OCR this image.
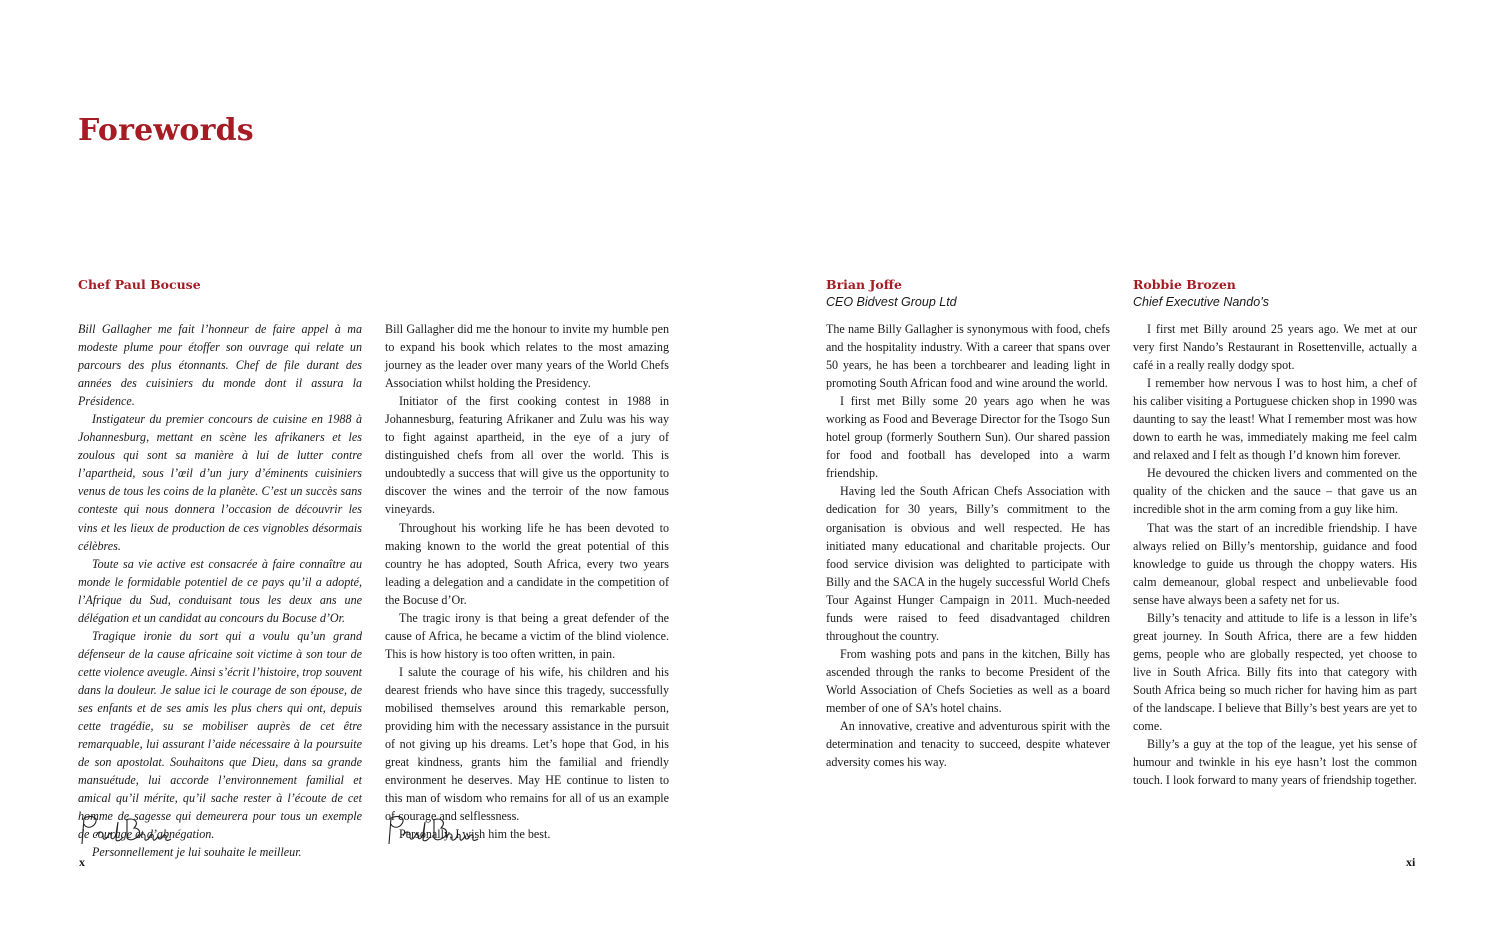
Forewords
Chef Paul Bocuse

Bill Gallagher me fait l’honneur de faire appel à ma modeste plume pour étoffer son ouvrage qui relate un parcours des plus étonnants. Chef de file durant des années des cuisiniers du monde dont il assura la Présidence.

Instigateur du premier concours de cuisine en 1988 à Johannesburg, mettant en scène les afrikaners et les zoulous qui sont sa manière à lui de lutter contre l’apartheid, sous l’œil d’un jury d’éminents cuisiniers venus de tous les coins de la planète. C’est un succès sans conteste qui nous donnera l’occasion de découvrir les vins et les lieux de production de ces vignobles désormais célèbres.

Toute sa vie active est consacrée à faire connaître au monde le formidable potentiel de ce pays qu’il a adopté, l’Afrique du Sud, conduisant tous les deux ans une délégation et un candidat au concours du Bocuse d’Or.

Tragique ironie du sort qui a voulu qu’un grand défenseur de la cause africaine soit victime à son tour de cette violence aveugle. Ainsi s’écrit l’histoire, trop souvent dans la douleur. Je salue ici le courage de son épouse, de ses enfants et de ses amis les plus chers qui ont, depuis cette tragédie, su se mobiliser auprès de cet être remarquable, lui assurant l’aide nécessaire à la poursuite de son apostolat. Souhaitons que Dieu, dans sa grande mansuétude, lui accorde l’environnement familial et amical qu’il mérite, qu’il sache rester à l’écoute de cet homme de sagesse qui demeurera pour tous un exemple de courage et d’abnégation.

Personnellement je lui souhaite le meilleur.

Bill Gallagher did me the honour to invite my humble pen to expand his book which relates to the most amazing journey as the leader over many years of the World Chefs Association whilst holding the Presidency.

Initiator of the first cooking contest in 1988 in Johannesburg, featuring Afrikaner and Zulu was his way to fight against apartheid, in the eye of a jury of distinguished chefs from all over the world. This is undoubtedly a success that will give us the opportunity to discover the wines and the terroir of the now famous vineyards.

Throughout his working life he has been devoted to making known to the world the great potential of this country he has adopted, South Africa, every two years leading a delegation and a candidate in the competition of the Bocuse d’Or.

The tragic irony is that being a great defender of the cause of Africa, he became a victim of the blind violence. This is how history is too often written, in pain.

I salute the courage of his wife, his children and his dearest friends who have since this tragedy, successfully mobilised themselves around this remarkable person, providing him with the necessary assistance in the pursuit of not giving up his dreams. Let’s hope that God, in his great kindness, grants him the familial and friendly environment he deserves. May HE continue to listen to this man of wisdom who remains for all of us an example of courage and selflessness.

Personally, I wish him the best.

Brian Joffe

CEO Bidvest Group Ltd

The name Billy Gallagher is synonymous with food, chefs and the hospitality industry. With a career that spans over 50 years, he has been a torchbearer and leading light in promoting South African food and wine around the world.

I first met Billy some 20 years ago when he was working as Food and Beverage Director for the Tsogo Sun hotel group (formerly Southern Sun). Our shared passion for food and football has developed into a warm friendship.

Having led the South African Chefs Association with dedication for 30 years, Billy’s commitment to the organisation is obvious and well respected. He has initiated many educational and charitable projects. Our food service division was delighted to participate with Billy and the SACA in the hugely successful World Chefs Tour Against Hunger Campaign in 2011. Much-needed funds were raised to feed disadvantaged children throughout the country.

From washing pots and pans in the kitchen, Billy has ascended through the ranks to become President of the World Association of Chefs Societies as well as a board member of one of SA’s hotel chains.

An innovative, creative and adventurous spirit with the determination and tenacity to succeed, despite whatever adversity comes his way.

Robbie Brozen

Chief Executive Nando’s

I first met Billy around 25 years ago. We met at our very first Nando’s Restaurant in Rosettenville, actually a café in a really really dodgy spot.

I remember how nervous I was to host him, a chef of his caliber visiting a Portuguese chicken shop in 1990 was daunting to say the least! What I remember most was how down to earth he was, immediately making me feel calm and relaxed and I felt as though I’d known him forever.

He devoured the chicken livers and commented on the quality of the chicken and the sauce – that gave us an incredible shot in the arm coming from a guy like him.

That was the start of an incredible friendship. I have always relied on Billy’s mentorship, guidance and food knowledge to guide us through the choppy waters. His calm demeanour, global respect and unbelievable food sense have always been a safety net for us.

Billy’s tenacity and attitude to life is a lesson in life’s great journey. In South Africa, there are a few hidden gems, people who are globally respected, yet choose to live in South Africa. Billy fits into that category with South Africa being so much richer for having him as part of the landscape. I believe that Billy’s best years are yet to come.

Billy’s a guy at the top of the league, yet his sense of humour and twinkle in his eye hasn’t lost the common touch. I look forward to many years of friendship together.

x	xi
